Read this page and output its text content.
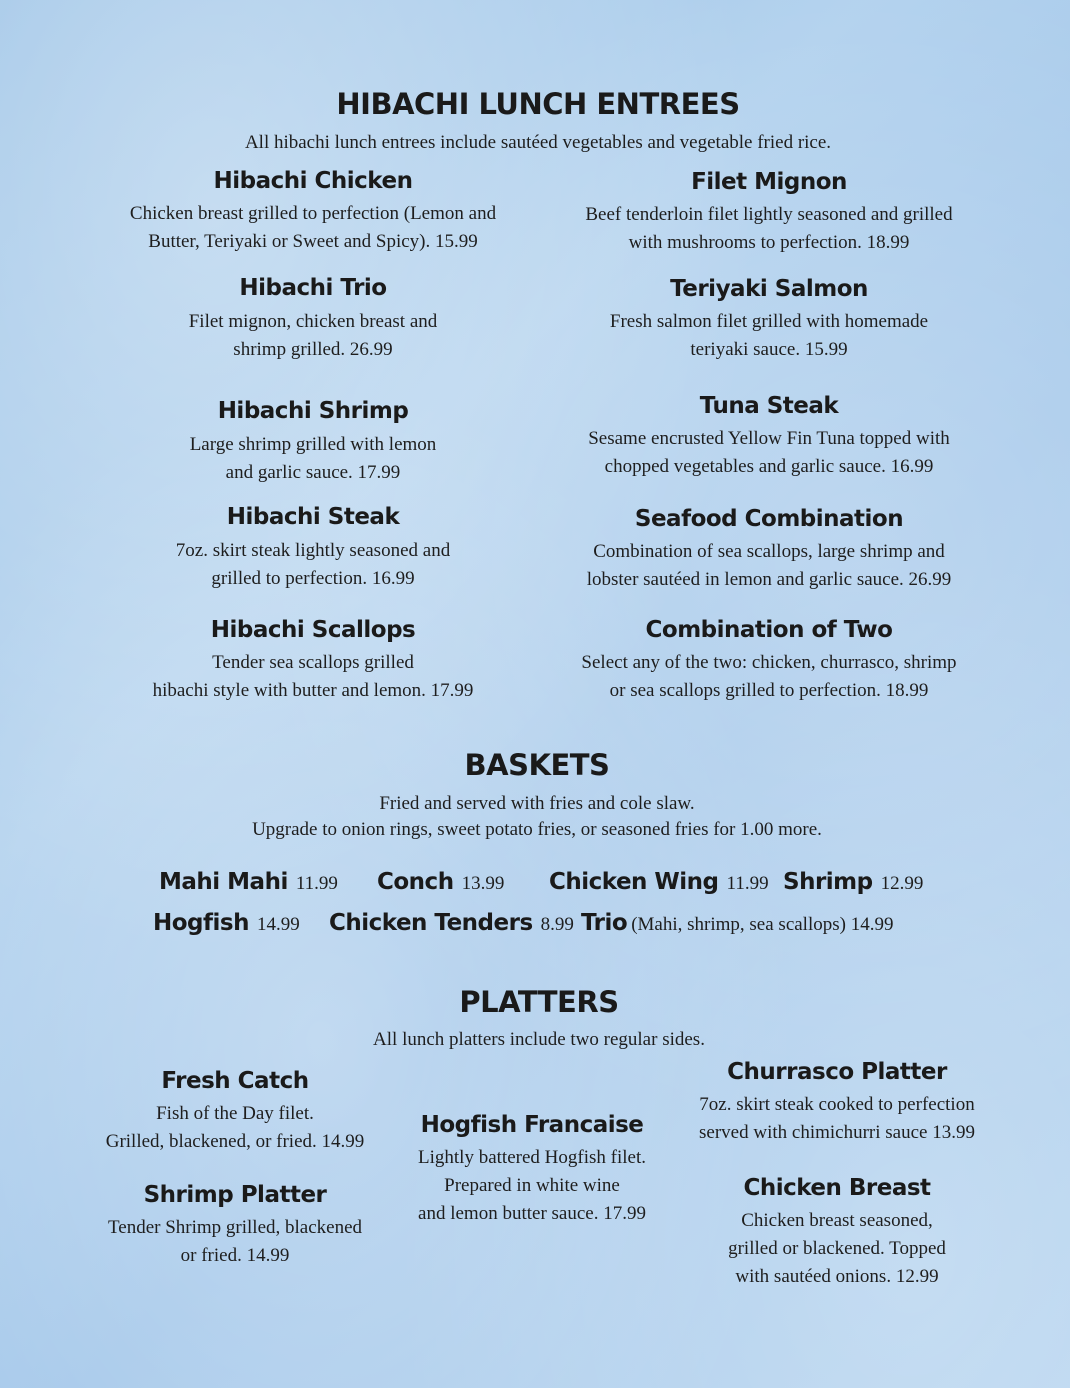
HIBACHI LUNCH ENTREES
All hibachi lunch entrees include sautéed vegetables and vegetable fried rice.
Hibachi Chicken
Chicken breast grilled to perfection (Lemon and
Butter, Teriyaki or Sweet and Spicy). 15.99
Hibachi Trio
Filet mignon, chicken breast and
shrimp grilled. 26.99
Hibachi Shrimp
Large shrimp grilled with lemon
and garlic sauce. 17.99
Hibachi Steak
7oz. skirt steak lightly seasoned and
grilled to perfection. 16.99
Hibachi Scallops
Tender sea scallops grilled
hibachi style with butter and lemon. 17.99
Filet Mignon
Beef tenderloin filet lightly seasoned and grilled
with mushrooms to perfection. 18.99
Teriyaki Salmon
Fresh salmon filet grilled with homemade
teriyaki sauce. 15.99
Tuna Steak
Sesame encrusted Yellow Fin Tuna topped with
chopped vegetables and garlic sauce. 16.99
Seafood Combination
Combination of sea scallops, large shrimp and
lobster sautéed in lemon and garlic sauce. 26.99
Combination of Two
Select any of the two: chicken, churrasco, shrimp
or sea scallops grilled to perfection. 18.99
BASKETS
Fried and served with fries and cole slaw.
Upgrade to onion rings, sweet potato fries, or seasoned fries for 1.00 more.
Mahi Mahi 11.99 Conch 13.99 Chicken Wing 11.99 Shrimp 12.99
Hogfish 14.99 Chicken Tenders 8.99 Trio (Mahi, shrimp, sea scallops) 14.99
PLATTERS
All lunch platters include two regular sides.
Fresh Catch
Fish of the Day filet.
Grilled, blackened, or fried. 14.99
Shrimp Platter
Tender Shrimp grilled, blackened
or fried. 14.99
Hogfish Francaise
Lightly battered Hogfish filet.
Prepared in white wine
and lemon butter sauce. 17.99
Churrasco Platter
7oz. skirt steak cooked to perfection
served with chimichurri sauce 13.99
Chicken Breast
Chicken breast seasoned,
grilled or blackened. Topped
with sautéed onions. 12.99
